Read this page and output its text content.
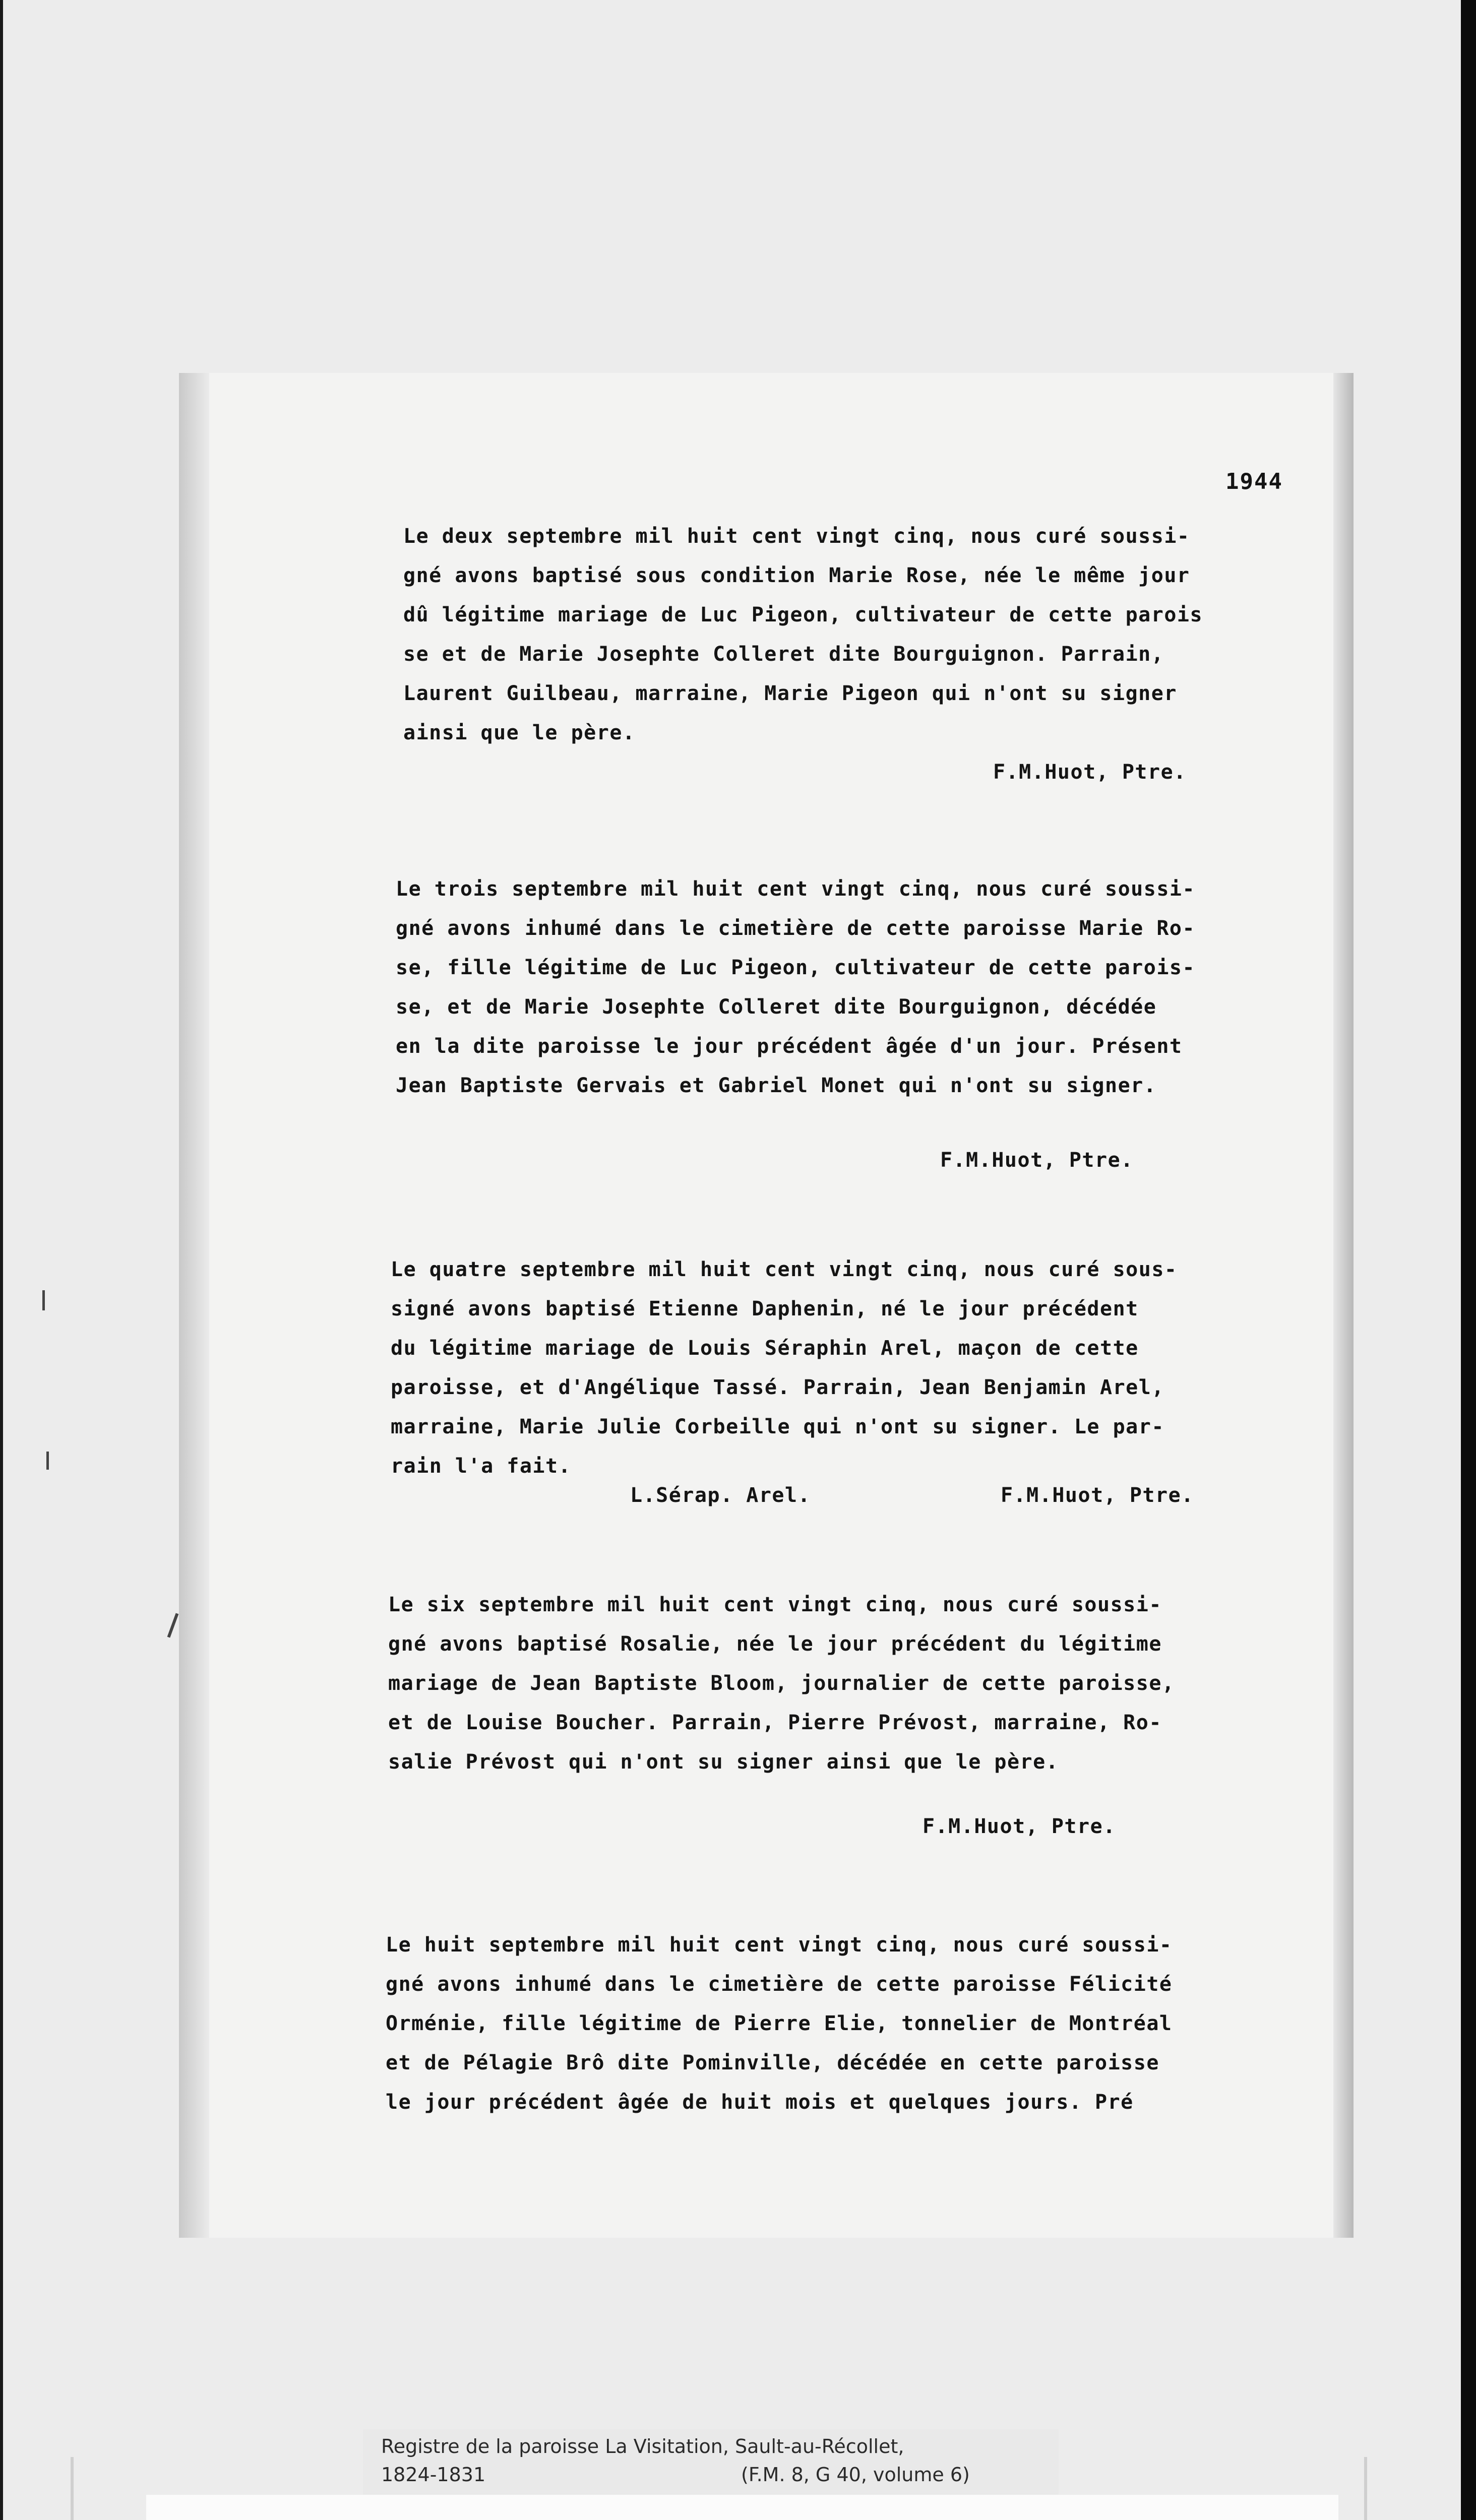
1944
Le deux septembre mil huit cent vingt cinq, nous curé soussi-
gné avons baptisé sous condition Marie Rose, née le même jour
dû légitime mariage de Luc Pigeon, cultivateur de cette parois
se et de Marie Josephte Colleret dite Bourguignon. Parrain,
Laurent Guilbeau, marraine, Marie Pigeon qui n'ont su signer
ainsi que le père.
F.M.Huot, Ptre.
Le trois septembre mil huit cent vingt cinq, nous curé soussi-
gné avons inhumé dans le cimetière de cette paroisse Marie Ro-
se, fille légitime de Luc Pigeon, cultivateur de cette parois-
se, et de Marie Josephte Colleret dite Bourguignon, décédée
en la dite paroisse le jour précédent âgée d'un jour. Présent
Jean Baptiste Gervais et Gabriel Monet qui n'ont su signer.
F.M.Huot, Ptre.
Le quatre septembre mil huit cent vingt cinq, nous curé sous-
signé avons baptisé Etienne Daphenin, né le jour précédent
du légitime mariage de Louis Séraphin Arel, maçon de cette
paroisse, et d'Angélique Tassé. Parrain, Jean Benjamin Arel,
marraine, Marie Julie Corbeille qui n'ont su signer. Le par-
rain l'a fait.
L.Sérap. Arel.	F.M.Huot, Ptre.
Le six septembre mil huit cent vingt cinq, nous curé soussi-
gné avons baptisé Rosalie, née le jour précédent du légitime
mariage de Jean Baptiste Bloom, journalier de cette paroisse,
et de Louise Boucher. Parrain, Pierre Prévost, marraine, Ro-
salie Prévost qui n'ont su signer ainsi que le père.
F.M.Huot, Ptre.
Le huit septembre mil huit cent vingt cinq, nous curé soussi-
gné avons inhumé dans le cimetière de cette paroisse Félicité
Orménie, fille légitime de Pierre Elie, tonnelier de Montréal
et de Pélagie Brô dite Pominville, décédée en cette paroisse
le jour précédent âgée de huit mois et quelques jours. Pré
Registre de la paroisse La Visitation, Sault-au-Récollet,
1824-1831	(F.M. 8, G 40, volume 6)
